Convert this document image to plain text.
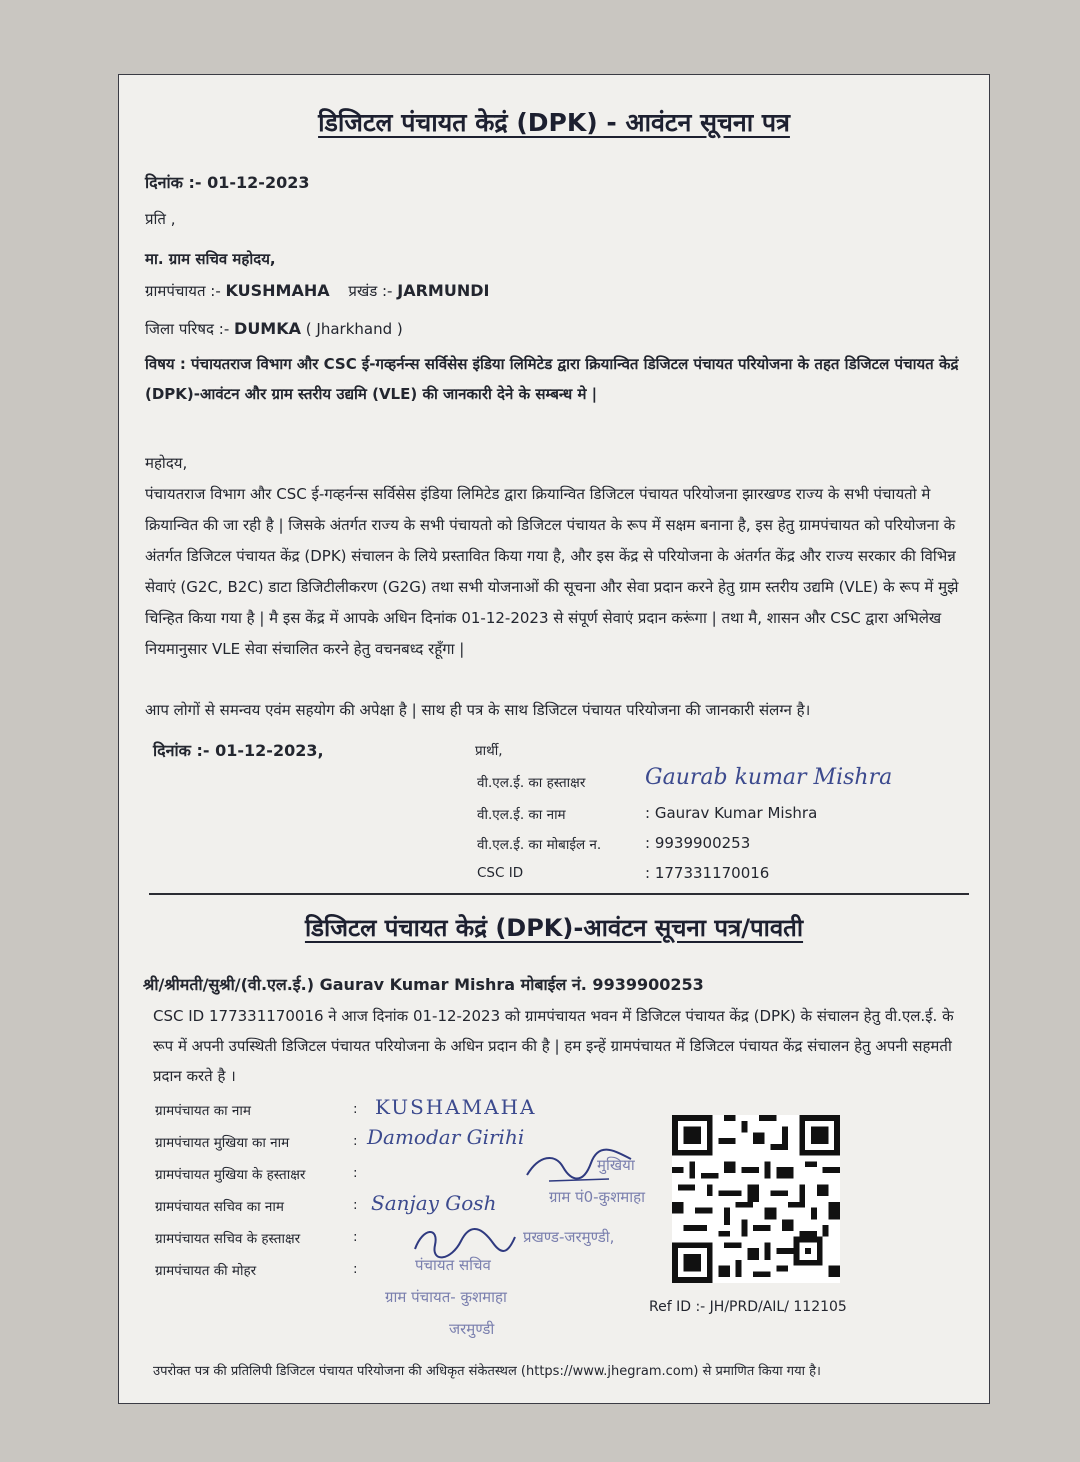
डिजिटल पंचायत केद्रं (DPK) - आवंटन सूचना पत्र
दिनांक :- 01-12-2023
प्रति ,
मा. ग्राम सचिव महोदय,
ग्रामपंचायत :- KUSHMAHA प्रखंड :- JARMUNDI
जिला परिषद :- DUMKA ( Jharkhand )
विषय : पंचायतराज विभाग और CSC ई-गव्हर्नन्स सर्विसेस इंडिया लिमिटेड द्वारा क्रियान्वित डिजिटल पंचायत परियोजना के तहत डिजिटल पंचायत केद्रं (DPK)-आवंटन और ग्राम स्तरीय उद्यमि (VLE) की जानकारी देने के सम्बन्ध मे |
महोदय,
पंचायतराज विभाग और CSC ई-गव्हर्नन्स सर्विसेस इंडिया लिमिटेड द्वारा क्रियान्वित डिजिटल पंचायत परियोजना झारखण्ड राज्य के सभी पंचायतो मे क्रियान्वित की जा रही है | जिसके अंतर्गत राज्य के सभी पंचायतो को डिजिटल पंचायत के रूप में सक्षम बनाना है, इस हेतु ग्रामपंचायत को परियोजना के अंतर्गत डिजिटल पंचायत केंद्र (DPK) संचालन के लिये प्रस्तावित किया गया है, और इस केंद्र से परियोजना के अंतर्गत केंद्र और राज्य सरकार की विभिन्न सेवाएं (G2C, B2C) डाटा डिजिटीलीकरण (G2G) तथा सभी योजनाओं की सूचना और सेवा प्रदान करने हेतु ग्राम स्तरीय उद्यमि (VLE) के रूप में मुझे चिन्हित किया गया है | मै इस केंद्र में आपके अधिन दिनांक 01-12-2023 से संपूर्ण सेवाएं प्रदान करूंगा | तथा मै, शासन और CSC द्वारा अभिलेख नियमानुसार VLE सेवा संचालित करने हेतु वचनबध्द रहूँगा |
आप लोगों से समन्वय एवंम सहयोग की अपेक्षा है | साथ ही पत्र के साथ डिजिटल पंचायत परियोजना की जानकारी संलग्न है।
दिनांक :- 01-12-2023,	प्रार्थी,
वी.एल.ई. का हस्ताक्षर	Gaurab kumar Mishra
वी.एल.ई. का नाम	: Gaurav Kumar Mishra
वी.एल.ई. का मोबाईल न.	: 9939900253
CSC ID	: 177331170016
डिजिटल पंचायत केद्रं (DPK)-आवंटन सूचना पत्र/पावती
श्री/श्रीमती/सुश्री/(वी.एल.ई.) Gaurav Kumar Mishra मोबाईल नं. 9939900253
CSC ID 177331170016 ने आज दिनांक 01-12-2023 को ग्रामपंचायत भवन में डिजिटल पंचायत केंद्र (DPK) के संचालन हेतु वी.एल.ई. के रूप में अपनी उपस्थिती डिजिटल पंचायत परियोजना के अधिन प्रदान की है | हम इन्हें ग्रामपंचायत में डिजिटल पंचायत केंद्र संचालन हेतु अपनी सहमती प्रदान करते है ।
ग्रामपंचायत का नाम	: KUSHAMAHA
ग्रामपंचायत मुखिया का नाम	: Damodar Girihi
ग्रामपंचायत मुखिया के हस्ताक्षर	:
ग्रामपंचायत सचिव का नाम	: Sanjay Gosh
ग्रामपंचायत सचिव के हस्ताक्षर	:
ग्रामपंचायत की मोहर	:
मुखिया
ग्राम पं0-कुशमाहा
प्रखण्ड-जरमुण्डी,
पंचायत सचिव
ग्राम पंचायत- कुशमाहा
जरमुण्डी
Ref ID :- JH/PRD/AIL/ 112105
उपरोक्त पत्र की प्रतिलिपी डिजिटल पंचायत परियोजना की अधिकृत संकेतस्थल (https://www.jhegram.com) से प्रमाणित किया गया है।
